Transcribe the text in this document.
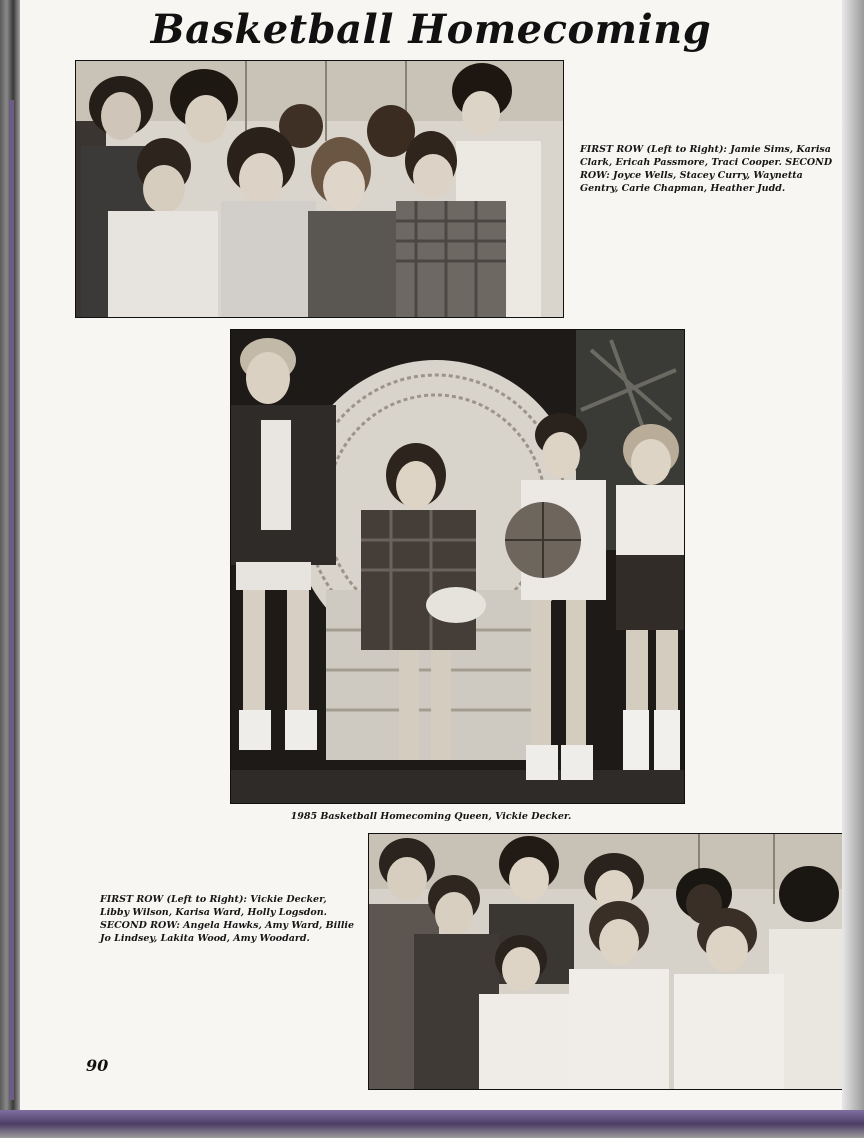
Basketball Homecoming
FIRST ROW (Left to Right): Jamie Sims, Karisa Clark, Ericah Passmore, Traci Cooper. SECOND ROW: Joyce Wells, Stacey Curry, Waynetta Gentry, Carie Chapman, Heather Judd.
1985 Basketball Homecoming Queen, Vickie Decker.
FIRST ROW (Left to Right): Vickie Decker, Libby Wilson, Karisa Ward, Holly Logsdon. SECOND ROW: Angela Hawks, Amy Ward, Billie Jo Lindsey, Lakita Wood, Amy Woodard.
90
